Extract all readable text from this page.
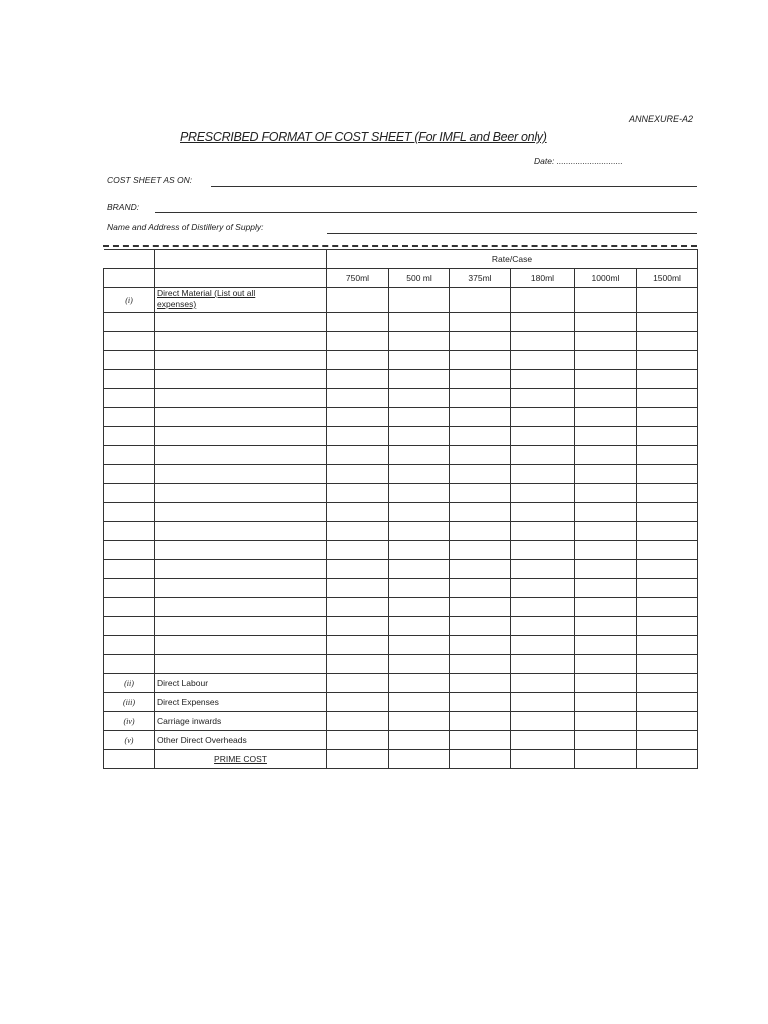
ANNEXURE-A2
PRESCRIBED FORMAT OF COST SHEET (For IMFL and Beer only)
Date: ............................
COST SHEET AS ON:
BRAND:
Name and Address of Distillery of Supply:
		Rate/Case					
		750ml	500 ml	375ml	180ml	1000ml	1500ml
(i)	Direct Material (List out all
expenses)						

(ii)	Direct Labour						
(iii)	Direct Expenses						
(iv)	Carriage inwards						
(v)	Other Direct Overheads						
	PRIME COST						
